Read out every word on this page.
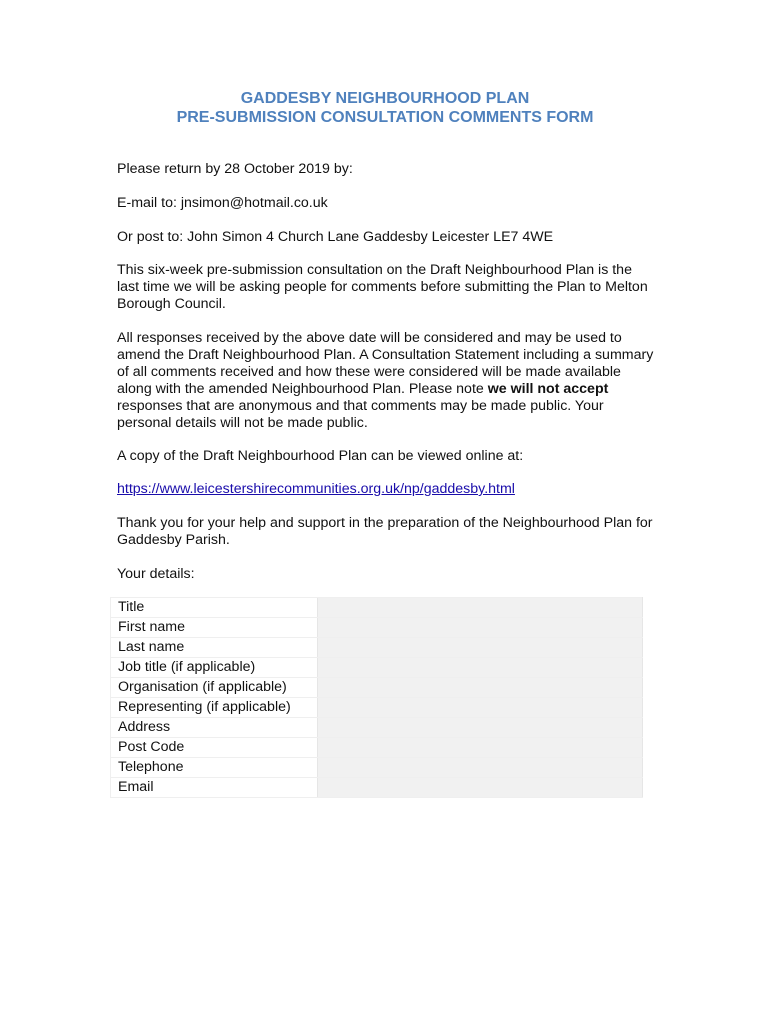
GADDESBY NEIGHBOURHOOD PLAN
PRE-SUBMISSION CONSULTATION COMMENTS FORM

Please return by 28 October 2019 by:

E-mail to: jnsimon@hotmail.co.uk

Or post to: John Simon 4 Church Lane Gaddesby Leicester LE7 4WE

This six-week pre-submission consultation on the Draft Neighbourhood Plan is the last time we will be asking people for comments before submitting the Plan to Melton Borough Council.

All responses received by the above date will be considered and may be used to amend the Draft Neighbourhood Plan. A Consultation Statement including a summary of all comments received and how these were considered will be made available along with the amended Neighbourhood Plan. Please note we will not accept responses that are anonymous and that comments may be made public. Your personal details will not be made public.

A copy of the Draft Neighbourhood Plan can be viewed online at:

https://www.leicestershirecommunities.org.uk/np/gaddesby.html

Thank you for your help and support in the preparation of the Neighbourhood Plan for Gaddesby Parish.

Your details:

Title	
First name	
Last name	
Job title (if applicable)	
Organisation (if applicable)	
Representing (if applicable)	
Address	
Post Code	
Telephone	
Email	
